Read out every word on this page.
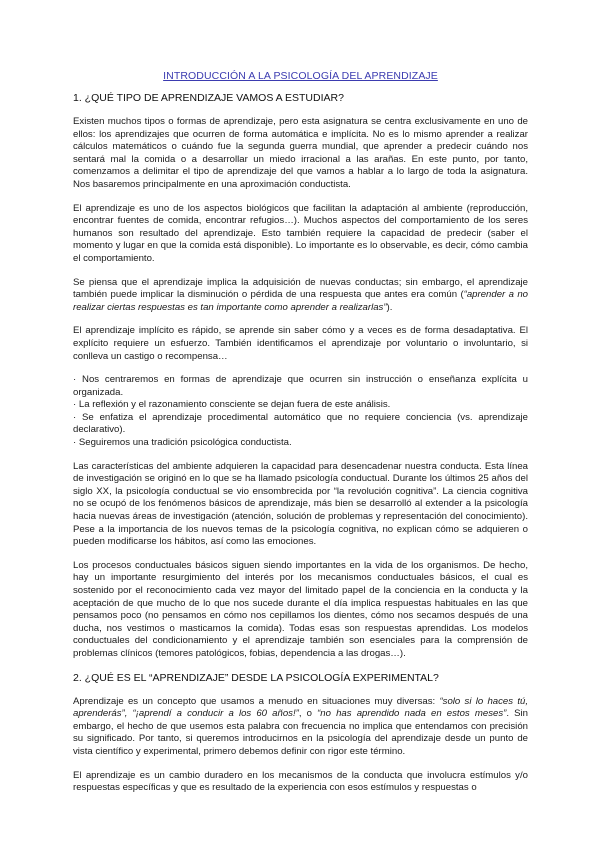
INTRODUCCIÓN A LA PSICOLOGÍA DEL APRENDIZAJE
1. ¿QUÉ TIPO DE APRENDIZAJE VAMOS A ESTUDIAR?

Existen muchos tipos o formas de aprendizaje, pero esta asignatura se centra exclusivamente en uno de ellos: los aprendizajes que ocurren de forma automática e implícita. No es lo mismo aprender a realizar cálculos matemáticos o cuándo fue la segunda guerra mundial, que aprender a predecir cuándo nos sentará mal la comida o a desarrollar un miedo irracional a las arañas. En este punto, por tanto, comenzamos a delimitar el tipo de aprendizaje del que vamos a hablar a lo largo de toda la asignatura. Nos basaremos principalmente en una aproximación conductista.

El aprendizaje es uno de los aspectos biológicos que facilitan la adaptación al ambiente (reproducción, encontrar fuentes de comida, encontrar refugios…). Muchos aspectos del comportamiento de los seres humanos son resultado del aprendizaje. Esto también requiere la capacidad de predecir (saber el momento y lugar en que la comida está disponible). Lo importante es lo observable, es decir, cómo cambia el comportamiento.

Se piensa que el aprendizaje implica la adquisición de nuevas conductas; sin embargo, el aprendizaje también puede implicar la disminución o pérdida de una respuesta que antes era común (“aprender a no realizar ciertas respuestas es tan importante como aprender a realizarlas”).

El aprendizaje implícito es rápido, se aprende sin saber cómo y a veces es de forma desadaptativa. El explícito requiere un esfuerzo. También identificamos el aprendizaje por voluntario o involuntario, si conlleva un castigo o recompensa…

· Nos centraremos en formas de aprendizaje que ocurren sin instrucción o enseñanza explícita u organizada.
· La reflexión y el razonamiento consciente se dejan fuera de este análisis.
· Se enfatiza el aprendizaje procedimental automático que no requiere conciencia (vs. aprendizaje declarativo).
· Seguiremos una tradición psicológica conductista.

Las características del ambiente adquieren la capacidad para desencadenar nuestra conducta. Esta línea de investigación se originó en lo que se ha llamado psicología conductual. Durante los últimos 25 años del siglo XX, la psicología conductual se vio ensombrecida por “la revolución cognitiva”. La ciencia cognitiva no se ocupó de los fenómenos básicos de aprendizaje, más bien se desarrolló al extender a la psicología hacia nuevas áreas de investigación (atención, solución de problemas y representación del conocimiento). Pese a la importancia de los nuevos temas de la psicología cognitiva, no explican cómo se adquieren o pueden modificarse los hábitos, así como las emociones.

Los procesos conductuales básicos siguen siendo importantes en la vida de los organismos. De hecho, hay un importante resurgimiento del interés por los mecanismos conductuales básicos, el cual es sostenido por el reconocimiento cada vez mayor del limitado papel de la conciencia en la conducta y la aceptación de que mucho de lo que nos sucede durante el día implica respuestas habituales en las que pensamos poco (no pensamos en cómo nos cepillamos los dientes, cómo nos secamos después de una ducha, nos vestimos o masticamos la comida). Todas esas son respuestas aprendidas. Los modelos conductuales del condicionamiento y el aprendizaje también son esenciales para la comprensión de problemas clínicos (temores patológicos, fobias, dependencia a las drogas…).

2. ¿QUÉ ES EL “APRENDIZAJE” DESDE LA PSICOLOGÍA EXPERIMENTAL?

Aprendizaje es un concepto que usamos a menudo en situaciones muy diversas: “solo si lo haces tú, aprenderás”, “¡aprendí a conducir a los 60 años!”, o “no has aprendido nada en estos meses”. Sin embargo, el hecho de que usemos esta palabra con frecuencia no implica que entendamos con precisión su significado. Por tanto, si queremos introducirnos en la psicología del aprendizaje desde un punto de vista científico y experimental, primero debemos definir con rigor este término.

El aprendizaje es un cambio duradero en los mecanismos de la conducta que involucra estímulos y/o respuestas específicas y que es resultado de la experiencia con esos estímulos y respuestas o
